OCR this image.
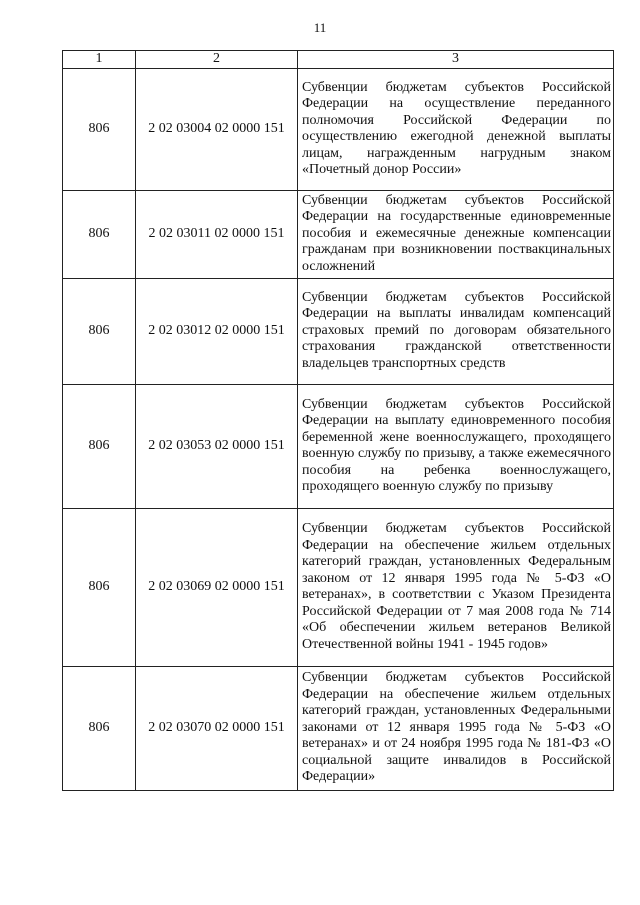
11
1	2	3
806	2 02 03004 02 0000 151	Субвенции бюджетам субъектов Российской Федерации на осуществление переданного полномочия Российской Федерации по осуществлению ежегодной денежной выплаты лицам, награжденным нагрудным знаком «Почетный донор России»
806	2 02 03011 02 0000 151	Субвенции бюджетам субъектов Российской Федерации на государственные единовременные пособия и ежемесячные денежные компенсации гражданам при возникновении поствакцинальных осложнений
806	2 02 03012 02 0000 151	Субвенции бюджетам субъектов Российской Федерации на выплаты инвалидам компенсаций страховых премий по договорам обязательного страхования гражданской ответственности владельцев транспортных средств
806	2 02 03053 02 0000 151	Субвенции бюджетам субъектов Российской Федерации на выплату единовременного пособия беременной жене военнослужащего, проходящего военную службу по призыву, а также ежемесячного пособия на ребенка военнослужащего, проходящего военную службу по призыву
806	2 02 03069 02 0000 151	Субвенции бюджетам субъектов Российской Федерации на обеспечение жильем отдельных категорий граждан, установленных Федеральным законом от 12 января 1995 года № 5-ФЗ «О ветеранах», в соответствии с Указом Президента Российской Федерации от 7 мая 2008 года № 714 «Об обеспечении жильем ветеранов Великой Отечественной войны 1941 - 1945 годов»
806	2 02 03070 02 0000 151	Субвенции бюджетам субъектов Российской Федерации на обеспечение жильем отдельных категорий граждан, установленных Федеральными законами от 12 января 1995 года № 5-ФЗ «О ветеранах» и от 24 ноября 1995 года № 181-ФЗ «О социальной защите инвалидов в Российской Федерации»
